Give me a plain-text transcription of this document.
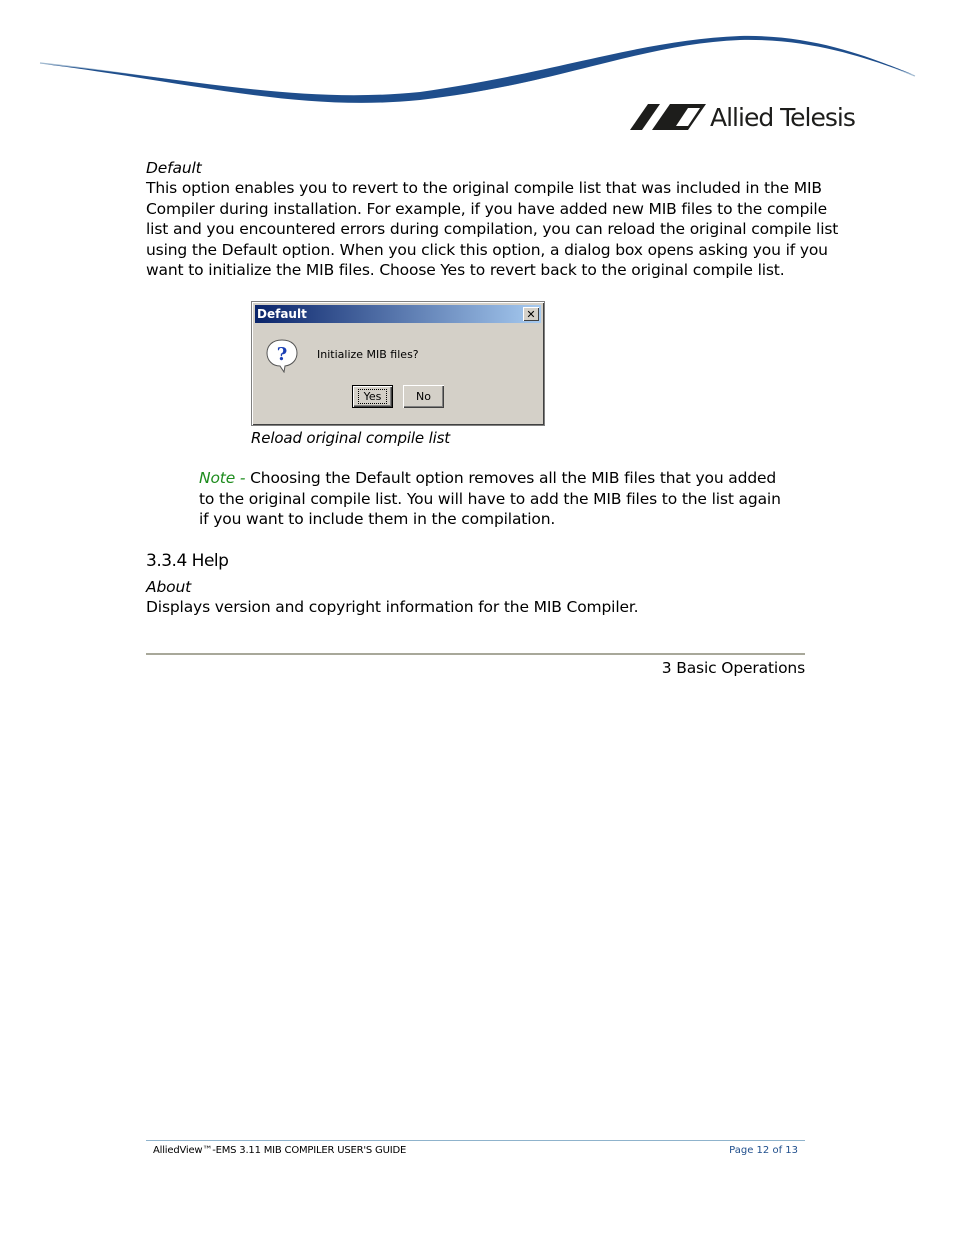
Allied Telesis
Default
This option enables you to revert to the original compile list that was included in the MIB
Compiler during installation. For example, if you have added new MIB files to the compile
list and you encountered errors during compilation, you can reload the original compile list
using the Default option. When you click this option, a dialog box opens asking you if you
want to initialize the MIB files. Choose Yes to revert back to the original compile list.
Default	✕
?	Initialize MIB files?
Yes	No
Reload original compile list
Note - Choosing the Default option removes all the MIB files that you added
to the original compile list. You will have to add the MIB files to the list again
if you want to include them in the compilation.
3.3.4 Help
About
Displays version and copyright information for the MIB Compiler.
3 Basic Operations
AlliedView™-EMS 3.11 MIB COMPILER USER'S GUIDE	Page 12 of 13
